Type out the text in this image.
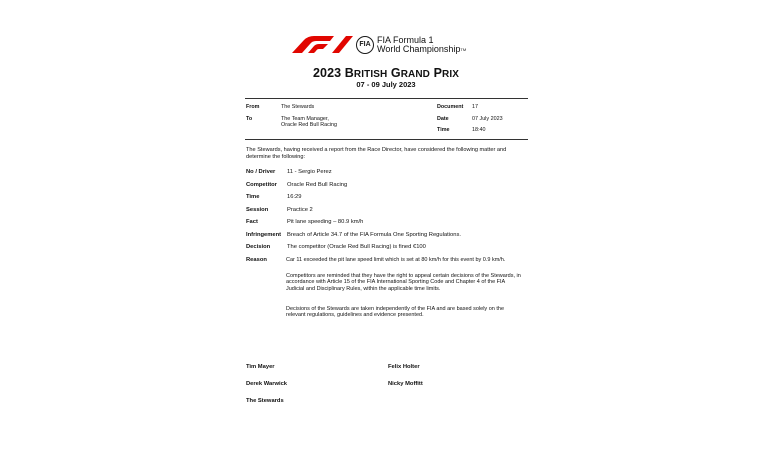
FIA FIA Formula 1
World Championship™
2023 BRITISH GRAND PRIX
07 - 09 July 2023
From	The Stewards
To	The Team Manager,
Oracle Red Bull Racing
Document 17
Date	07 July 2023
Time	18:40
The Stewards, having received a report from the Race Director, have considered the following matter and determine the following:
No / Driver 11 - Sergio Perez
Competitor Oracle Red Bull Racing
Time	16:29
Session	Practice 2
Fact	Pit lane speeding – 80.9 km/h
Infringement Breach of Article 34.7 of the FIA Formula One Sporting Regulations.
Decision	The competitor (Oracle Red Bull Racing) is fined €100
Reason	Car 11 exceeded the pit lane speed limit which is set at 80 km/h for this event by 0.9 km/h.
Competitors are reminded that they have the right to appeal certain decisions of the Stewards, in accordance with Article 15 of the FIA International Sporting Code and Chapter 4 of the FIA Judicial and Disciplinary Rules, within the applicable time limits.
Decisions of the Stewards are taken independently of the FIA and are based solely on the relevant regulations, guidelines and evidence presented.
Tim Mayer	Felix Holter
Derek Warwick	Nicky Moffitt
The Stewards
